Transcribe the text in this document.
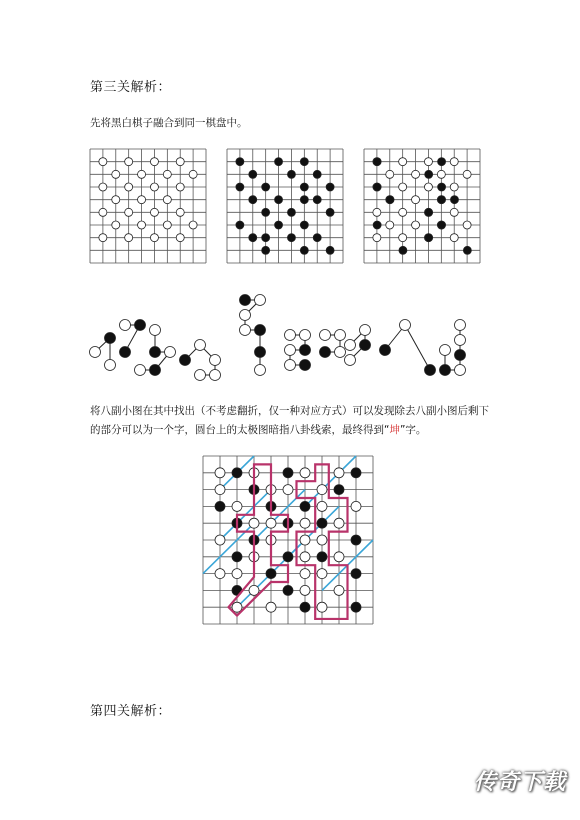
第三关解析：
先将黑白棋子融合到同一棋盘中。
将八副小图在其中找出（不考虑翻折，仅一种对应方式）可以发现除去八副小图后剩下的部分可以为一个字，圆台上的太极图暗指八卦线索，最终得到“坤”字。
第四关解析：
传奇下载
